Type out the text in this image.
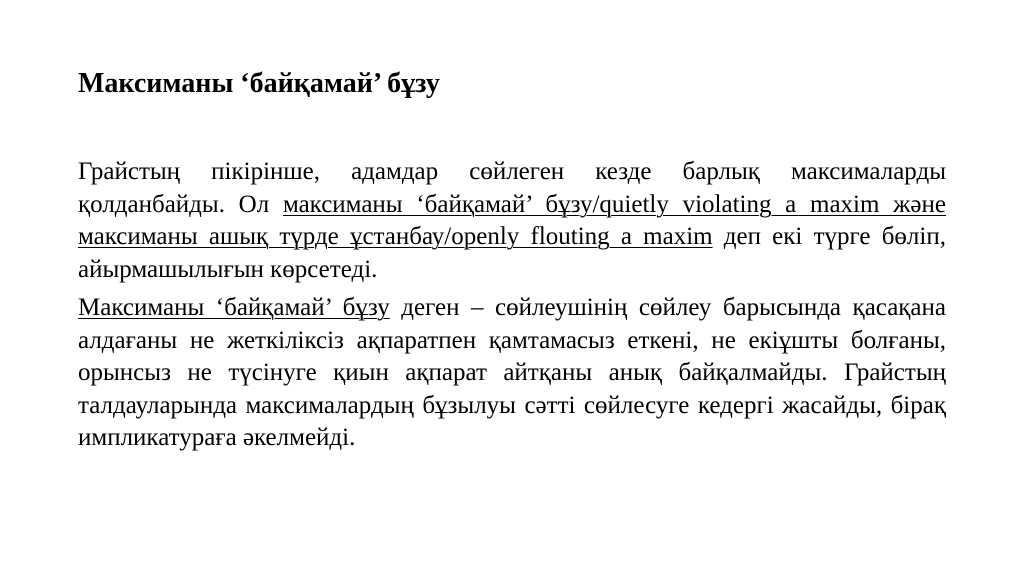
Максиманы ‘байқамай’ бұзу

Грайстың пікірінше, адамдар сөйлеген кезде барлық максималарды қолданбайды. Ол максиманы ‘байқамай’ бұзу/quietly violating a maxim және максиманы ашық түрде ұстанбау/openly flouting a maxim деп екі түрге бөліп, айырмашылығын көрсетеді.

Максиманы ‘байқамай’ бұзу деген – сөйлеушінің сөйлеу барысында қасақана алдағаны не жеткіліксіз ақпаратпен қамтамасыз еткені, не екіұшты болғаны, орынсыз не түсінуге қиын ақпарат айтқаны анық байқалмайды. Грайстың талдауларында максималардың бұзылуы сәтті сөйлесуге кедергі жасайды, бірақ импликатураға әкелмейді.
